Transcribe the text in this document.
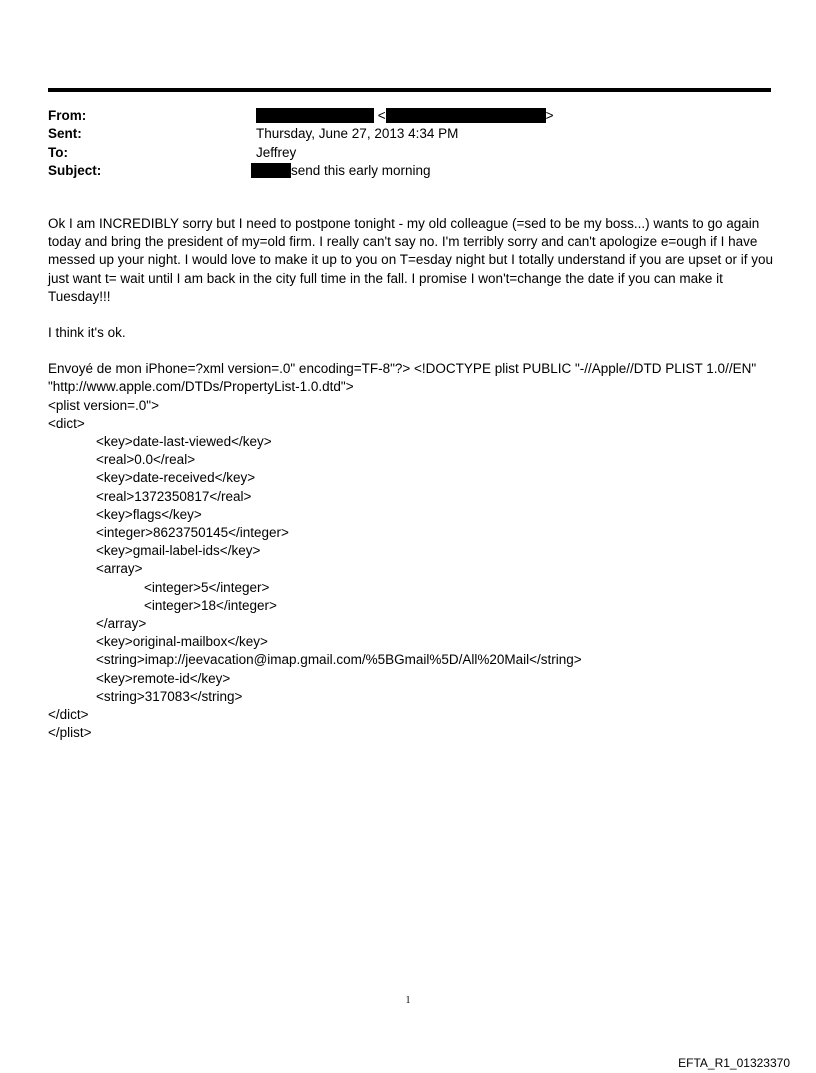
From:	<	>
Sent:	Thursday, June 27, 2013 4:34 PM
To:	Jeffrey
Subject:	send this early morning

Ok I am INCREDIBLY sorry but I need to postpone tonight - my old colleague (=sed to be my boss...) wants to go again today and bring the president of my=old firm. I really can't say no. I'm terribly sorry and can't apologize e=ough if I have messed up your night. I would love to make it up to you on T=esday night but I totally understand if you are upset or if you just want t= wait until I am back in the city full time in the fall. I promise I won't=change the date if you can make it Tuesday!!!

I think it's ok.

Envoyé de mon iPhone=?xml version=.0" encoding=TF-8"?> <!DOCTYPE plist PUBLIC "-//Apple//DTD PLIST 1.0//EN"
"http://www.apple.com/DTDs/PropertyList-1.0.dtd">
<plist version=.0">
<dict>
<key>date-last-viewed</key>
<real>0.0</real>
<key>date-received</key>
<real>1372350817</real>
<key>flags</key>
<integer>8623750145</integer>
<key>gmail-label-ids</key>
<array>
<integer>5</integer>
<integer>18</integer>
</array>
<key>original-mailbox</key>
<string>imap://jeevacation@imap.gmail.com/%5BGmail%5D/All%20Mail</string>
<key>remote-id</key>
<string>317083</string>
</dict>
</plist>
1
EFTA_R1_01323370
